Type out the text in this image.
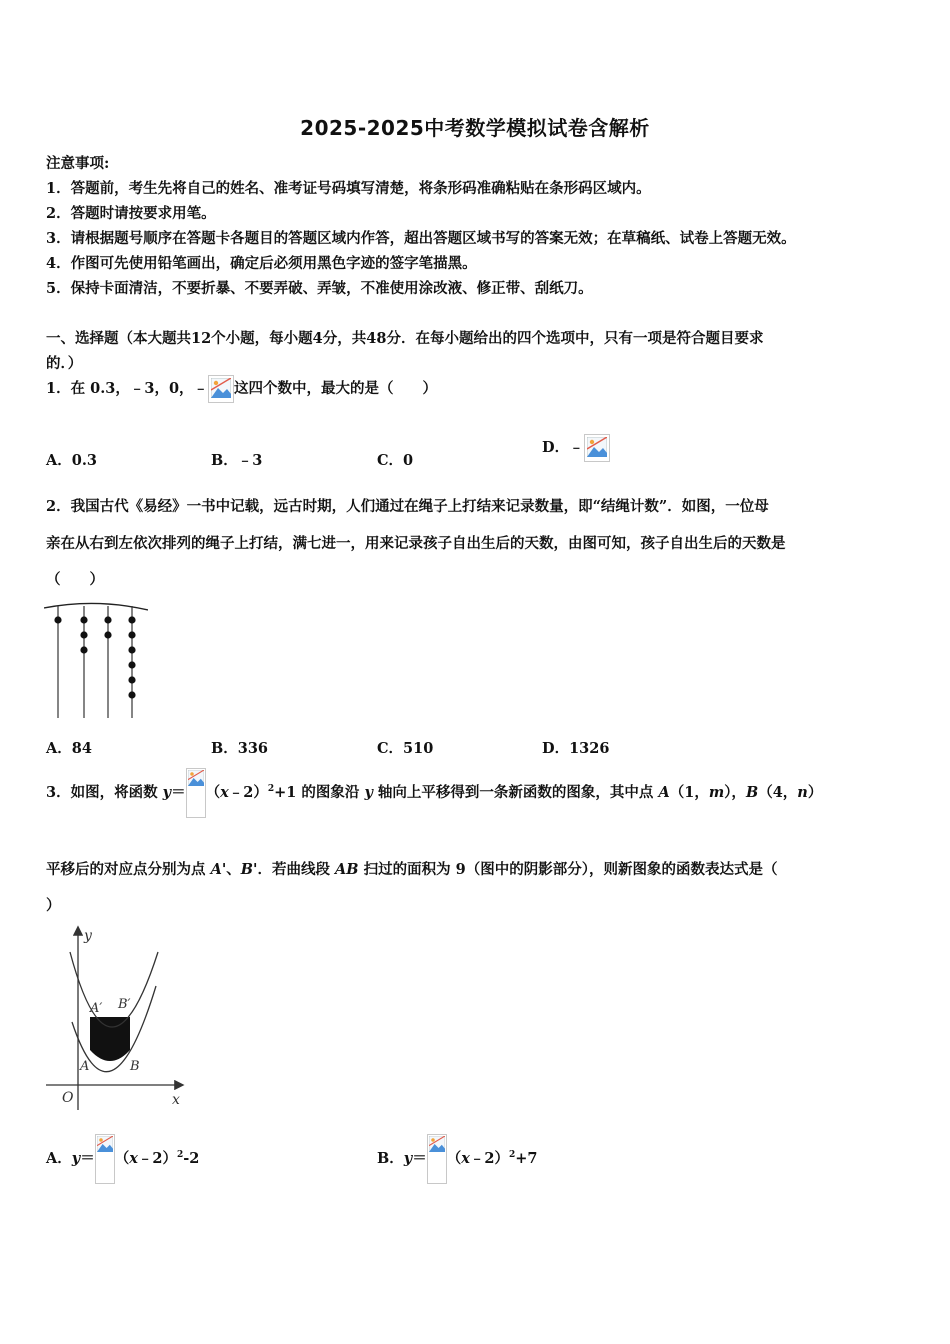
2025-2025中考数学模拟试卷含解析
注意事项:
1．答题前，考生先将自己的姓名、准考证号码填写清楚，将条形码准确粘贴在条形码区域内。
2．答题时请按要求用笔。
3．请根据题号顺序在答题卡各题目的答题区域内作答，超出答题区域书写的答案无效；在草稿纸、试卷上答题无效。
4．作图可先使用铅笔画出，确定后必须用黑色字迹的签字笔描黑。
5．保持卡面清洁，不要折暴、不要弄破、弄皱，不准使用涂改液、修正带、刮纸刀。
一、选择题（本大题共12个小题，每小题4分，共48分．在每小题给出的四个选项中，只有一项是符合题目要求
的．）
1．在 0.3，﹣3，0，﹣ 这四个数中，最大的是（　　）
A．0.3	B．﹣3	C．0
D．﹣
2．我国古代《易经》一书中记载，远古时期，人们通过在绳子上打结来记录数量，即“结绳计数”．如图，一位母
亲在从右到左依次排列的绳子上打结，满七进一，用来记录孩子自出生后的天数，由图可知，孩子自出生后的天数是
（　　）
A．84	B．336	C．510	D．1326
3．如图，将函数 y＝ （x﹣2）$^2$+1 的图象沿 y 轴向上平移得到一条新函数的图象，其中点 A（1，m），B（4，n）
平移后的对应点分别为点 A'、B'．若曲线段 AB 扫过的面积为 9（图中的阴影部分），则新图象的函数表达式是（
）
y
x
O
A	B
A′ B′
A．y＝ （x﹣2）$^2$-2	B．y＝ （x﹣2）$^2$+7
